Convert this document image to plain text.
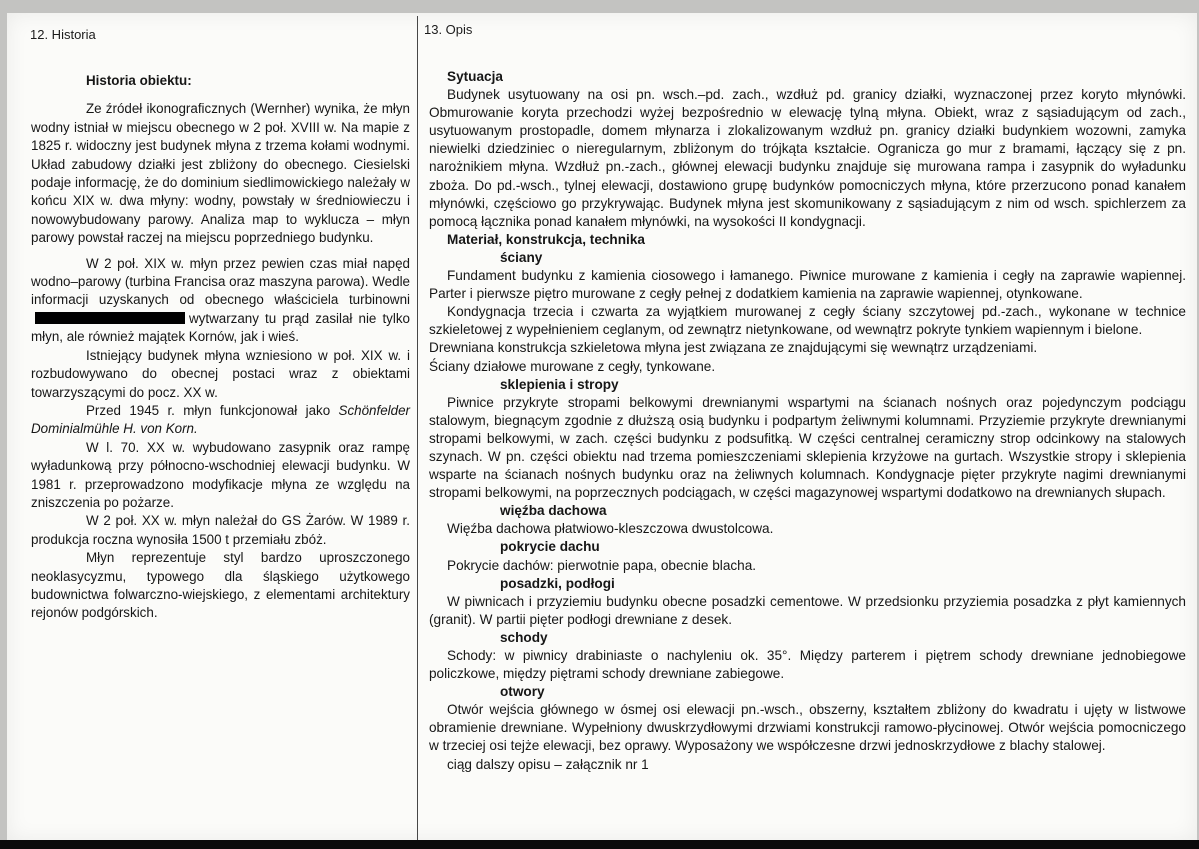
12. Historia	13. Opis

Historia obiektu:

Ze źródeł ikonograficznych (Wernher) wynika, że młyn wodny istniał w miejscu obecnego w 2 poł. XVIII w. Na mapie z 1825 r. widoczny jest budynek młyna z trzema kołami wodnymi. Układ zabudowy działki jest zbliżony do obecnego. Ciesielski podaje informację, że do dominium siedlimowickiego należały w końcu XIX w. dwa młyny: wodny, powstały w średniowieczu i nowowybudowany parowy. Analiza map to wyklucza – młyn parowy powstał raczej na miejscu poprzedniego budynku.

W 2 poł. XIX w. młyn przez pewien czas miał napęd wodno–parowy (turbina Francisa oraz maszyna parowa). Wedle informacji uzyskanych od obecnego właściciela turbinowniwytwarzany tu prąd zasilał nie tylko młyn, ale również majątek Kornów, jak i wieś.

Istniejący budynek młyna wzniesiono w poł. XIX w. i rozbudowywano do obecnej postaci wraz z obiektami towarzyszącymi do pocz. XX w.

Przed 1945 r. młyn funkcjonował jako Schönfelder Dominialmühle H. von Korn.

W l. 70. XX w. wybudowano zasypnik oraz rampę wyładunkową przy północno-wschodniej elewacji budynku. W 1981 r. przeprowadzono modyfikacje młyna ze względu na zniszczenia po pożarze.

W 2 poł. XX w. młyn należał do GS Żarów. W 1989 r. produkcja roczna wynosiła 1500 t przemiału zbóż.

Młyn reprezentuje styl bardzo uproszczonego neoklasycyzmu, typowego dla śląskiego użytkowego budownictwa folwarczno-wiejskiego, z elementami architektury rejonów podgórskich.

Sytuacja

Budynek usytuowany na osi pn. wsch.–pd. zach., wzdłuż pd. granicy działki, wyznaczonej przez koryto młynówki. Obmurowanie koryta przechodzi wyżej bezpośrednio w elewację tylną młyna. Obiekt, wraz z sąsiadującym od zach., usytuowanym prostopadle, domem młynarza i zlokalizowanym wzdłuż pn. granicy działki budynkiem wozowni, zamyka niewielki dziedziniec o nieregularnym, zbliżonym do trójkąta kształcie. Ogranicza go mur z bramami, łączący się z pn. narożnikiem młyna. Wzdłuż pn.-zach., głównej elewacji budynku znajduje się murowana rampa i zasypnik do wyładunku zboża. Do pd.-wsch., tylnej elewacji, dostawiono grupę budynków pomocniczych młyna, które przerzucono ponad kanałem młynówki, częściowo go przykrywając. Budynek młyna jest skomunikowany z sąsiadującym z nim od wsch. spichlerzem za pomocą łącznika ponad kanałem młynówki, na wysokości II kondygnacji.

Materiał, konstrukcja, technika

ściany

Fundament budynku z kamienia ciosowego i łamanego. Piwnice murowane z kamienia i cegły na zaprawie wapiennej. Parter i pierwsze piętro murowane z cegły pełnej z dodatkiem kamienia na zaprawie wapiennej, otynkowane.

Kondygnacja trzecia i czwarta za wyjątkiem murowanej z cegły ściany szczytowej pd.-zach., wykonane w technice szkieletowej z wypełnieniem ceglanym, od zewnątrz nietynkowane, od wewnątrz pokryte tynkiem wapiennym i bielone.

Drewniana konstrukcja szkieletowa młyna jest związana ze znajdującymi się wewnątrz urządzeniami.

Ściany działowe murowane z cegły, tynkowane.

sklepienia i stropy

Piwnice przykryte stropami belkowymi drewnianymi wspartymi na ścianach nośnych oraz pojedynczym podciągu stalowym, biegnącym zgodnie z dłuższą osią budynku i podpartym żeliwnymi kolumnami. Przyziemie przykryte drewnianymi stropami belkowymi, w zach. części budynku z podsufitką. W części centralnej ceramiczny strop odcinkowy na stalowych szynach. W pn. części obiektu nad trzema pomieszczeniami sklepienia krzyżowe na gurtach. Wszystkie stropy i sklepienia wsparte na ścianach nośnych budynku oraz na żeliwnych kolumnach. Kondygnacje pięter przykryte nagimi drewnianymi stropami belkowymi, na poprzecznych podciągach, w części magazynowej wspartymi dodatkowo na drewnianych słupach.

więźba dachowa

Więźba dachowa płatwiowo-kleszczowa dwustolcowa.

pokrycie dachu

Pokrycie dachów: pierwotnie papa, obecnie blacha.

posadzki, podłogi

W piwnicach i przyziemiu budynku obecne posadzki cementowe. W przedsionku przyziemia posadzka z płyt kamiennych (granit). W partii pięter podłogi drewniane z desek.

schody

Schody: w piwnicy drabiniaste o nachyleniu ok. 35°. Między parterem i piętrem schody drewniane jednobiegowe policzkowe, między piętrami schody drewniane zabiegowe.

otwory

Otwór wejścia głównego w ósmej osi elewacji pn.-wsch., obszerny, kształtem zbliżony do kwadratu i ujęty w listwowe obramienie drewniane. Wypełniony dwuskrzydłowymi drzwiami konstrukcji ramowo-płycinowej. Otwór wejścia pomocniczego w trzeciej osi tejże elewacji, bez oprawy. Wyposażony we współczesne drzwi jednoskrzydłowe z blachy stalowej.

ciąg dalszy opisu – załącznik nr 1
